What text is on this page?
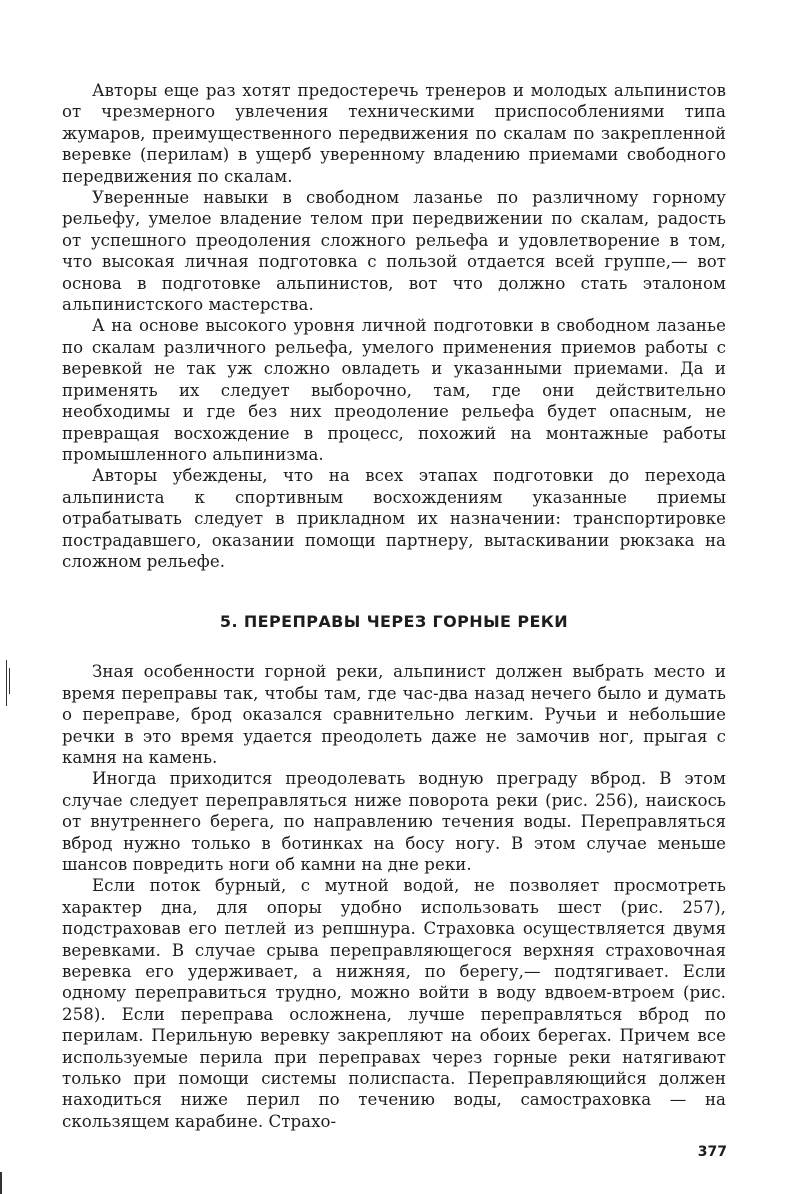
Авторы еще раз хотят предостеречь тренеров и молодых альпинистов от чрезмерного увлечения техническими приспособлениями типа жумаров, преимущественного передвижения по скалам по закрепленной веревке (перилам) в ущерб уверенному владению приемами свободного передвижения по скалам.

Уверенные навыки в свободном лазанье по различному горному рельефу, умелое владение телом при передвижении по скалам, радость от успешного преодоления сложного рельефа и удовлетворение в том, что высокая личная подготовка с пользой отдается всей группе,— вот основа в подготовке альпинистов, вот что должно стать эталоном альпинистского мастерства.

А на основе высокого уровня личной подготовки в свободном лазанье по скалам различного рельефа, умелого применения приемов работы с веревкой не так уж сложно овладеть и указанными приемами. Да и применять их следует выборочно, там, где они действительно необходимы и где без них преодоление рельефа будет опасным, не превращая восхождение в процесс, похожий на монтажные работы промышленного альпинизма.

Авторы убеждены, что на всех этапах подготовки до перехода альпиниста к спортивным восхождениям указанные приемы отрабатывать следует в прикладном их назначении: транспортировке пострадавшего, оказании помощи партнеру, вытаскивании рюкзака на сложном рельефе.

5. ПЕРЕПРАВЫ ЧЕРЕЗ ГОРНЫЕ РЕКИ

Зная особенности горной реки, альпинист должен выбрать место и время переправы так, чтобы там, где час-два назад нечего было и думать о переправе, брод оказался сравнительно легким. Ручьи и небольшие речки в это время удается преодолеть даже не замочив ног, прыгая с камня на камень.

Иногда приходится преодолевать водную преграду вброд. В этом случае следует переправляться ниже поворота реки (рис. 256), наискось от внутреннего берега, по направлению течения воды. Переправляться вброд нужно только в ботинках на босу ногу. В этом случае меньше шансов повредить ноги об камни на дне реки.

Если поток бурный, с мутной водой, не позволяет просмотреть характер дна, для опоры удобно использовать шест (рис. 257), подстраховав его петлей из репшнура. Страховка осуществляется двумя веревками. В случае срыва переправляющегося верхняя страховочная веревка его удерживает, а нижняя, по берегу,— подтягивает. Если одному переправиться трудно, можно войти в воду вдвоем-втроем (рис. 258). Если переправа осложнена, лучше переправляться вброд по перилам. Перильную веревку закрепляют на обоих берегах. Причем все используемые перила при переправах через горные реки натягивают только при помощи системы полиспаста. Переправляющийся должен находиться ниже перил по течению воды, самостраховка — на скользящем карабине. Страхо-

377
